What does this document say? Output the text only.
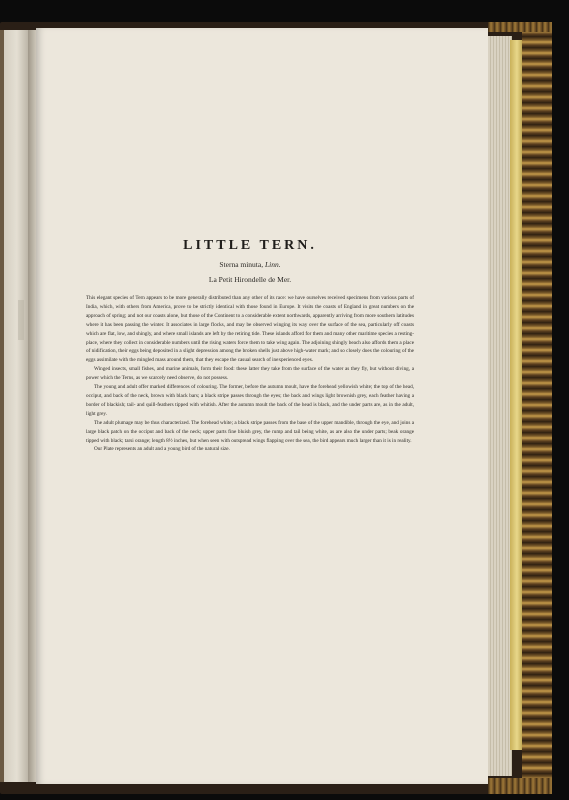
LITTLE TERN.

Sterna minuta, Linn.

La Petit Hirondelle de Mer.

This elegant species of Tern appears to be more generally distributed than any other of its race: we have ourselves received specimens from various parts of India, which, with others from America, prove to be strictly identical with those found in Europe. It visits the coasts of England in great numbers on the approach of spring; and not our coasts alone, but those of the Continent to a considerable extent northwards, apparently arriving from more southern latitudes where it has been passing the winter. It associates in large flocks, and may be observed winging its way over the surface of the sea, particularly off coasts which are flat, low, and shingly, and where small islands are left by the retiring tide. These islands afford for them and many other maritime species a resting-place, where they collect in considerable numbers until the rising waters force them to take wing again. The adjoining shingly beach also affords them a place of nidification, their eggs being deposited in a slight depression among the broken shells just above high-water mark; and so closely does the colouring of the eggs assimilate with the mingled mass around them, that they escape the casual search of inexperienced eyes.

Winged insects, small fishes, and marine animals, form their food: these latter they take from the surface of the water as they fly, but without diving, a power which the Terns, as we scarcely need observe, do not possess.

The young and adult offer marked differences of colouring. The former, before the autumn moult, have the forehead yellowish white; the top of the head, occiput, and back of the neck, brown with black bars; a black stripe passes through the eyes; the back and wings light brownish grey, each feather having a border of blackish; tail- and quill-feathers tipped with whitish. After the autumn moult the back of the head is black, and the under parts are, as in the adult, light grey.

The adult plumage may be thus characterized. The forehead white; a black stripe passes from the base of the upper mandible, through the eye, and joins a large black patch on the occiput and back of the neck; upper parts fine bluish grey, the rump and tail being white, as are also the under parts; beak orange tipped with black; tarsi orange; length 8½ inches, but when seen with outspread wings flapping over the sea, the bird appears much larger than it is in reality.

Our Plate represents an adult and a young bird of the natural size.
